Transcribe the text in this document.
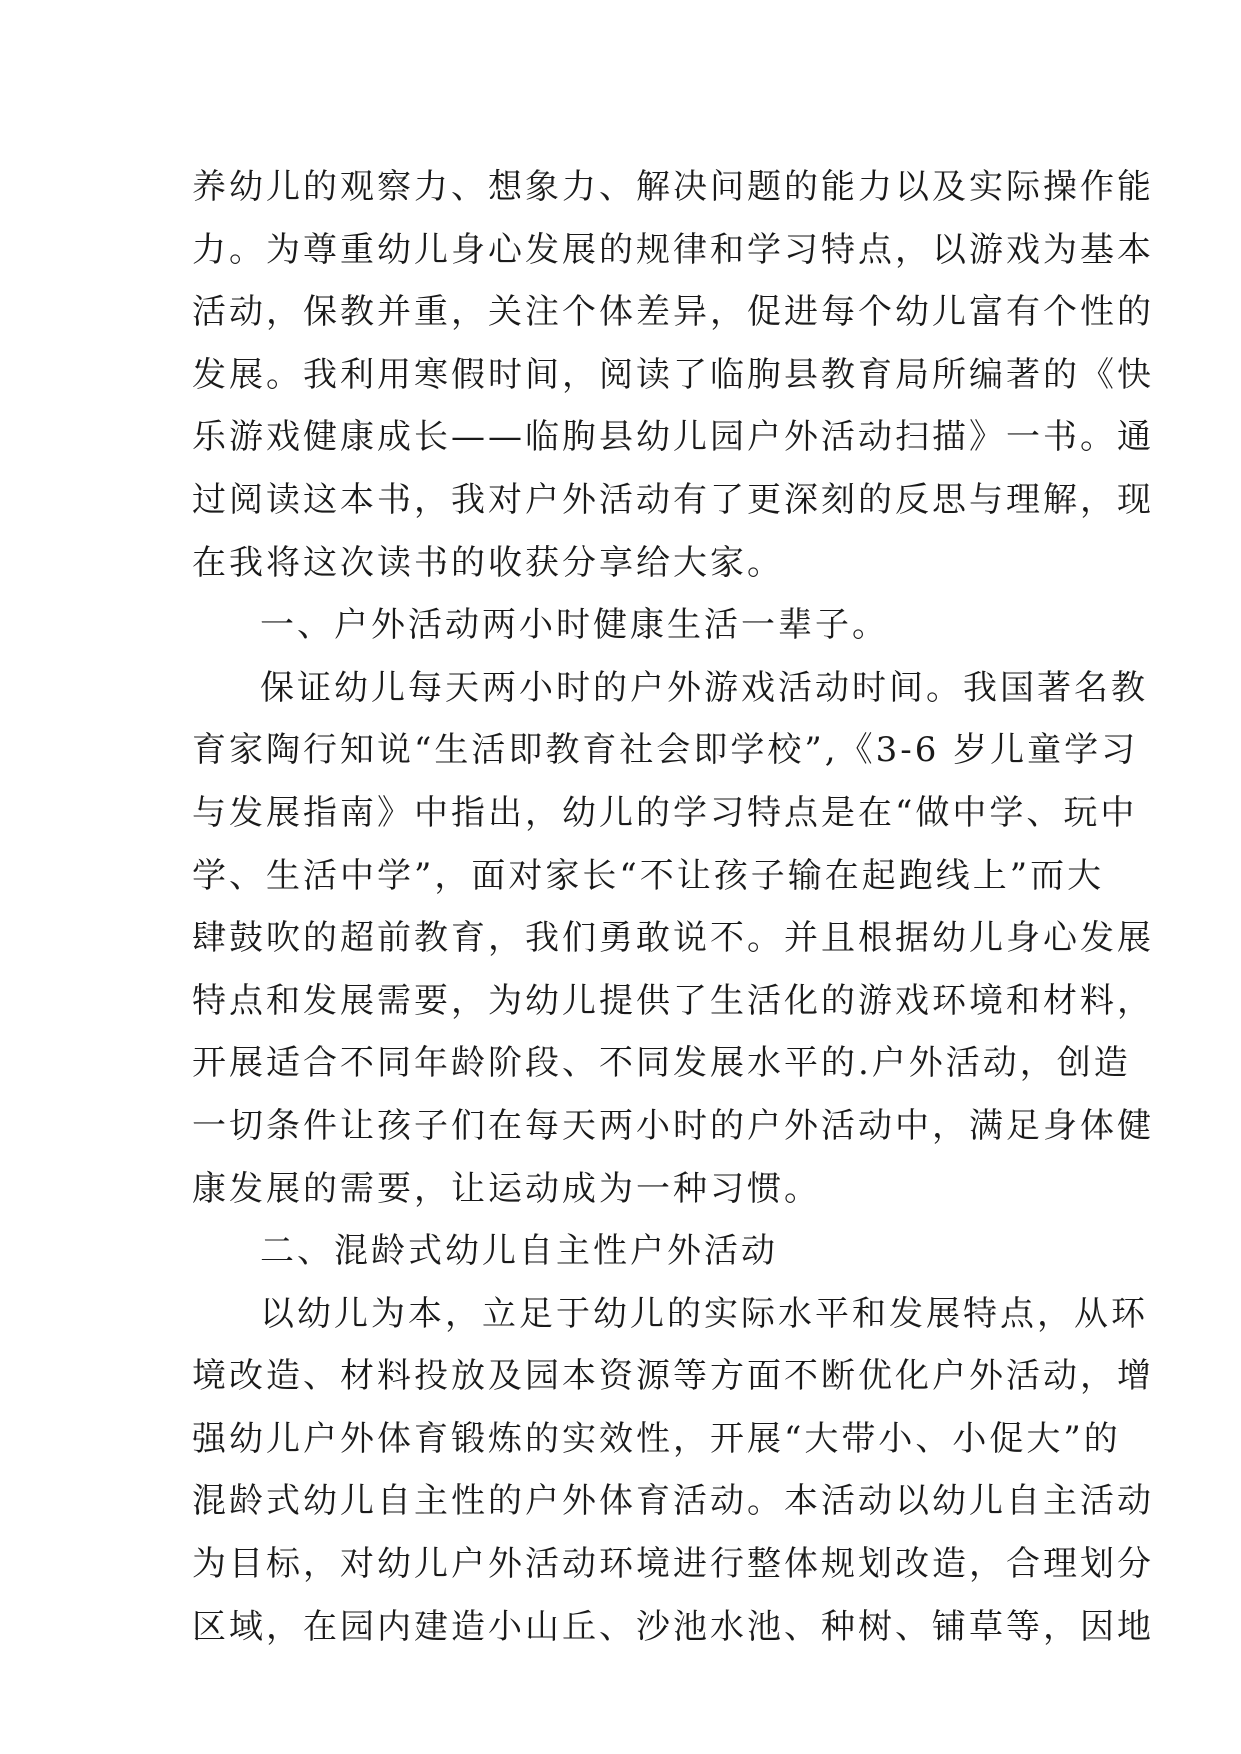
养幼儿的观察力、想象力、解决问题的能力以及实际操作能
力。为尊重幼儿身心发展的规律和学习特点，以游戏为基本
活动，保教并重，关注个体差异，促进每个幼儿富有个性的
发展。我利用寒假时间，阅读了临朐县教育局所编著的《快
乐游戏健康成长——临朐县幼儿园户外活动扫描》一书。通
过阅读这本书，我对户外活动有了更深刻的反思与理解，现
在我将这次读书的收获分享给大家。
一、户外活动两小时健康生活一辈子。
保证幼儿每天两小时的户外游戏活动时间。我国著名教
育家陶行知说“生活即教育社会即学校”,《3-6 岁儿童学习
与发展指南》中指出，幼儿的学习特点是在“做中学、玩中
学、生活中学”，面对家长“不让孩子输在起跑线上”而大
肆鼓吹的超前教育，我们勇敢说不。并且根据幼儿身心发展
特点和发展需要，为幼儿提供了生活化的游戏环境和材料，
开展适合不同年龄阶段、不同发展水平的.户外活动，创造
一切条件让孩子们在每天两小时的户外活动中，满足身体健
康发展的需要，让运动成为一种习惯。
二、混龄式幼儿自主性户外活动
以幼儿为本，立足于幼儿的实际水平和发展特点，从环
境改造、材料投放及园本资源等方面不断优化户外活动，增
强幼儿户外体育锻炼的实效性，开展“大带小、小促大”的
混龄式幼儿自主性的户外体育活动。本活动以幼儿自主活动
为目标，对幼儿户外活动环境进行整体规划改造，合理划分
区域，在园内建造小山丘、沙池水池、种树、铺草等，因地
